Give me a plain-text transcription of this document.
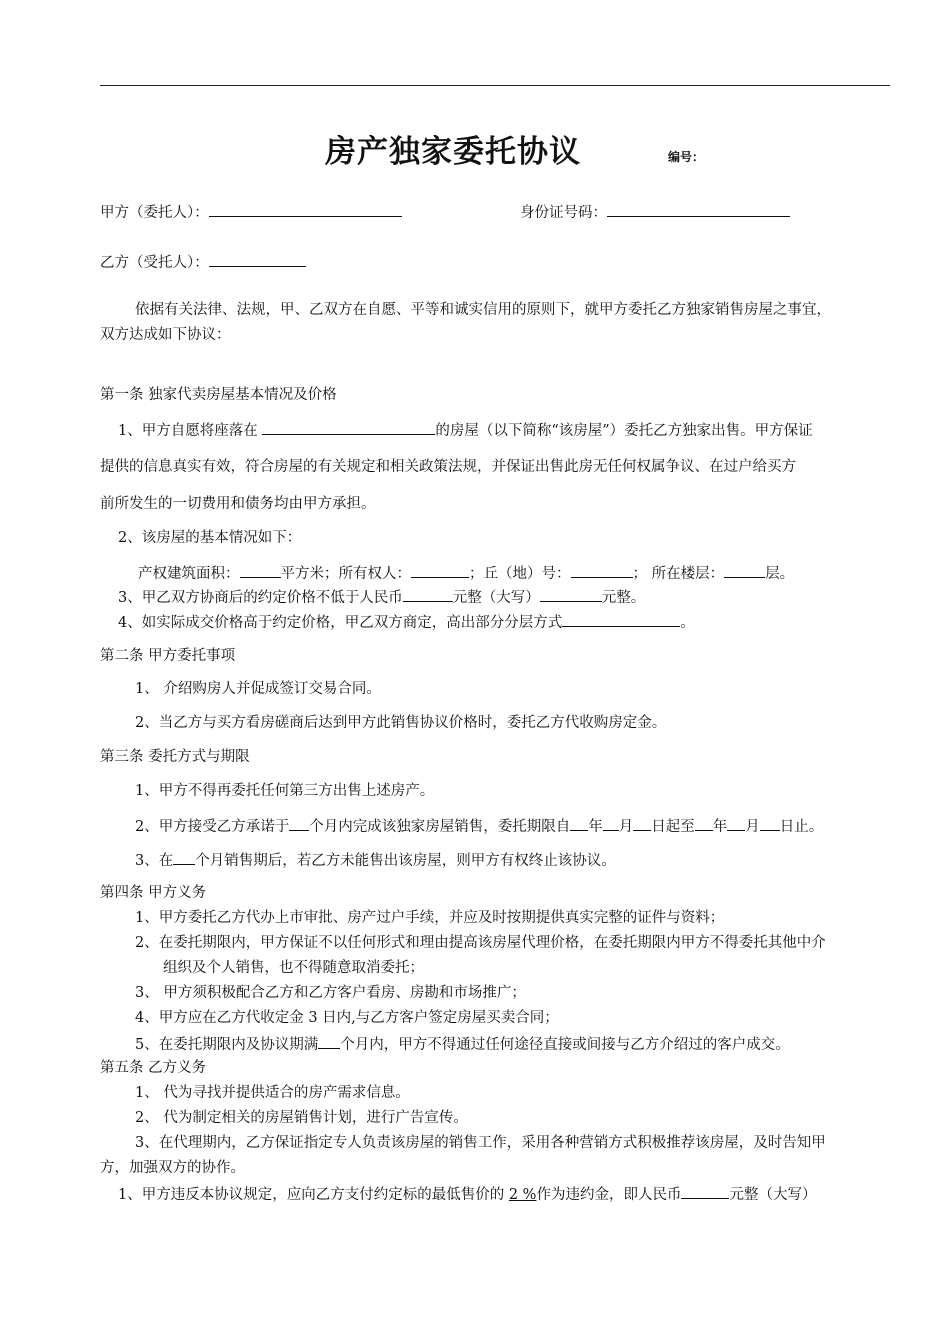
房产独家委托协议	编号：
甲方（委托人）：	身份证号码：
乙方（受托人）：
依据有关法律、法规，甲、乙双方在自愿、平等和诚实信用的原则下，就甲方委托乙方独家销售房屋之事宜，
双方达成如下协议：
第一条 独家代卖房屋基本情况及价格
1、甲方自愿将座落在	的房屋（以下简称“该房屋”）委托乙方独家出售。甲方保证
提供的信息真实有效，符合房屋的有关规定和相关政策法规，并保证出售此房无任何权属争议、在过户给买方
前所发生的一切费用和债务均由甲方承担。
2、该房屋的基本情况如下：
产权建筑面积：	平方米；所有权人：	；丘（地）号：	； 所在楼层：	层。
3、甲乙双方协商后的约定价格不低于人民币	元整（大写）	元整。
4、如实际成交价格高于约定价格，甲乙双方商定，高出部分分层方式	。
第二条 甲方委托事项
1、 介绍购房人并促成签订交易合同。
2、当乙方与买方看房磋商后达到甲方此销售协议价格时，委托乙方代收购房定金。
第三条 委托方式与期限
1、甲方不得再委托任何第三方出售上述房产。
2、甲方接受乙方承诺于 个月内完成该独家房屋销售，委托期限自 年 月 日起至 年 月 日止。
3、在 个月销售期后，若乙方未能售出该房屋，则甲方有权终止该协议。
第四条 甲方义务
1、甲方委托乙方代办上市审批、房产过户手续，并应及时按期提供真实完整的证件与资料；
2、在委托期限内，甲方保证不以任何形式和理由提高该房屋代理价格，在委托期限内甲方不得委托其他中介
组织及个人销售，也不得随意取消委托；
3、 甲方须积极配合乙方和乙方客户看房、房勘和市场推广；
4、甲方应在乙方代收定金 3 日内,与乙方客户签定房屋买卖合同；
5、在委托期限内及协议期满 个月内，甲方不得通过任何途径直接或间接与乙方介绍过的客户成交。
第五条 乙方义务
1、 代为寻找并提供适合的房产需求信息。
2、 代为制定相关的房屋销售计划，进行广告宣传。
3、在代理期内，乙方保证指定专人负责该房屋的销售工作，采用各种营销方式积极推荐该房屋，及时告知甲
方，加强双方的协作。
1、甲方违反本协议规定，应向乙方支付约定标的最低售价的 2 %作为违约金，即人民币	元整（大写）
